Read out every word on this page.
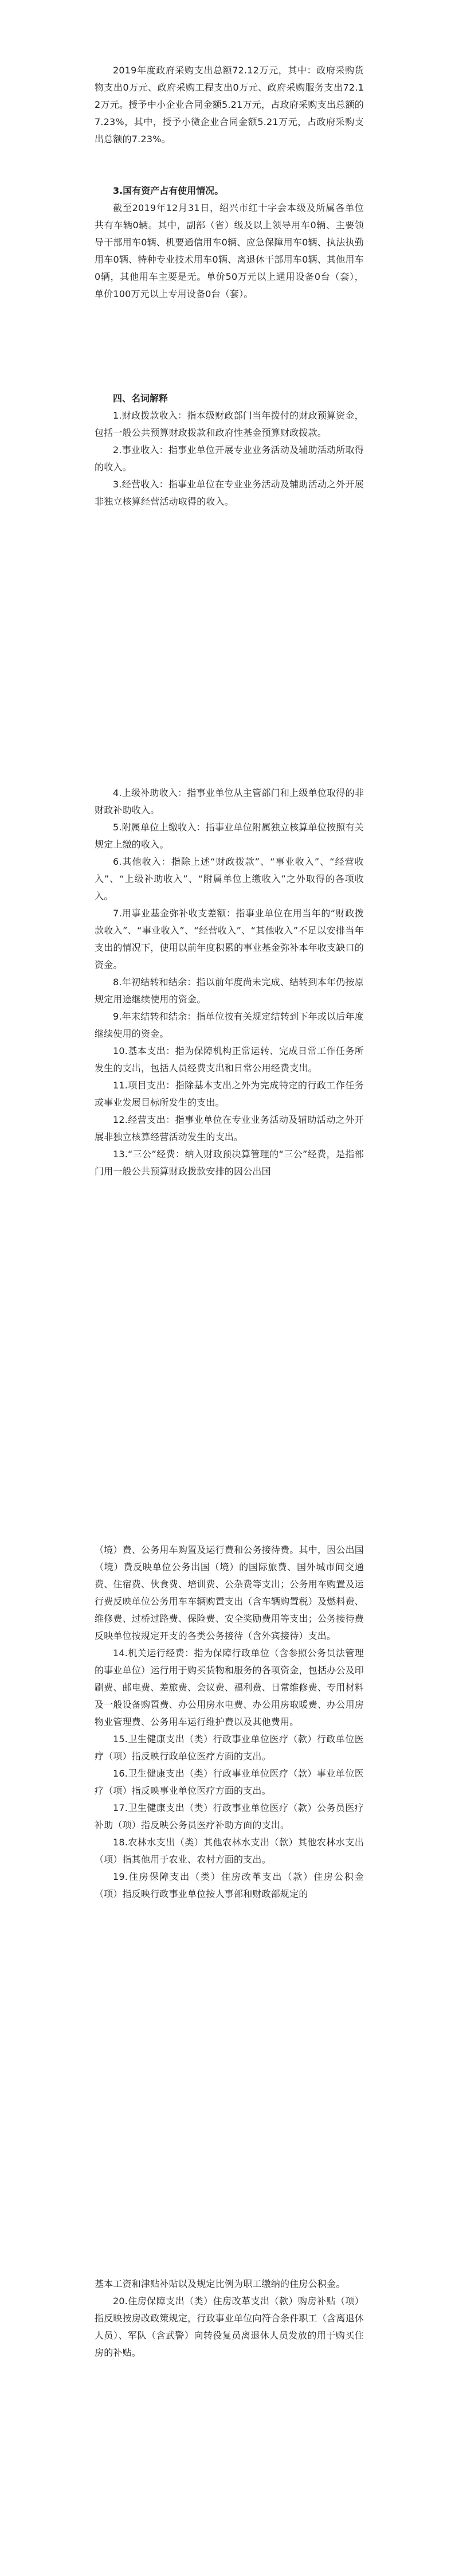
2019年度政府采购支出总额72.12万元，其中：政府采购货物支出0万元、政府采购工程支出0万元、政府采购服务支出72.12万元。授予中小企业合同金额5.21万元，占政府采购支出总额的7.23%，其中，授予小微企业合同金额5.21万元，占政府采购支出总额的7.23%。

3.国有资产占有使用情况。

截至2019年12月31日，绍兴市红十字会本级及所属各单位共有车辆0辆。其中，副部（省）级及以上领导用车0辆、主要领导干部用车0辆、机要通信用车0辆、应急保障用车0辆、执法执勤用车0辆、特种专业技术用车0辆、离退休干部用车0辆、其他用车0辆，其他用车主要是无。单价50万元以上通用设备0台（套），单价100万元以上专用设备0台（套）。

四、名词解释

1.财政拨款收入：指本级财政部门当年拨付的财政预算资金，包括一般公共预算财政拨款和政府性基金预算财政拨款。

2.事业收入：指事业单位开展专业业务活动及辅助活动所取得的收入。

3.经营收入：指事业单位在专业业务活动及辅助活动之外开展非独立核算经营活动取得的收入。

4.上级补助收入：指事业单位从主管部门和上级单位取得的非财政补助收入。

5.附属单位上缴收入：指事业单位附属独立核算单位按照有关规定上缴的收入。

6.其他收入：指除上述“财政拨款”、“事业收入”、“经营收入”、“上级补助收入”、“附属单位上缴收入”之外取得的各项收入。

7.用事业基金弥补收支差额：指事业单位在用当年的“财政拨款收入”、“事业收入”、“经营收入”、“其他收入”不足以安排当年支出的情况下，使用以前年度积累的事业基金弥补本年收支缺口的资金。

8.年初结转和结余：指以前年度尚未完成、结转到本年仍按原规定用途继续使用的资金。

9.年末结转和结余：指单位按有关规定结转到下年或以后年度继续使用的资金。

10.基本支出：指为保障机构正常运转、完成日常工作任务所发生的支出，包括人员经费支出和日常公用经费支出。

11.项目支出：指除基本支出之外为完成特定的行政工作任务或事业发展目标所发生的支出。

12.经营支出：指事业单位在专业业务活动及辅助活动之外开展非独立核算经营活动发生的支出。

13.“三公”经费：纳入财政预决算管理的“三公”经费，是指部门用一般公共预算财政拨款安排的因公出国

（境）费、公务用车购置及运行费和公务接待费。其中，因公出国（境）费反映单位公务出国（境）的国际旅费、国外城市间交通费、住宿费、伙食费、培训费、公杂费等支出；公务用车购置及运行费反映单位公务用车车辆购置支出（含车辆购置税）及燃料费、维修费、过桥过路费、保险费、安全奖励费用等支出；公务接待费反映单位按规定开支的各类公务接待（含外宾接待）支出。

14.机关运行经费：指为保障行政单位（含参照公务员法管理的事业单位）运行用于购买货物和服务的各项资金，包括办公及印刷费、邮电费、差旅费、会议费、福利费、日常维修费、专用材料及一般设备购置费、办公用房水电费、办公用房取暖费、办公用房物业管理费、公务用车运行维护费以及其他费用。

15.卫生健康支出（类）行政事业单位医疗（款）行政单位医疗（项）指反映行政单位医疗方面的支出。

16.卫生健康支出（类）行政事业单位医疗（款）事业单位医疗（项）指反映事业单位医疗方面的支出。

17.卫生健康支出（类）行政事业单位医疗（款）公务员医疗补助（项）指反映公务员医疗补助方面的支出。

18.农林水支出（类）其他农林水支出（款）其他农林水支出（项）指其他用于农业、农村方面的支出。

19.住房保障支出（类）住房改革支出（款）住房公积金（项）指反映行政事业单位按人事部和财政部规定的

基本工资和津贴补贴以及规定比例为职工缴纳的住房公积金。

20.住房保障支出（类）住房改革支出（款）购房补贴（项）指反映按房改政策规定，行政事业单位向符合条件职工（含离退休人员）、军队（含武警）向转役复员离退休人员发放的用于购买住房的补贴。
